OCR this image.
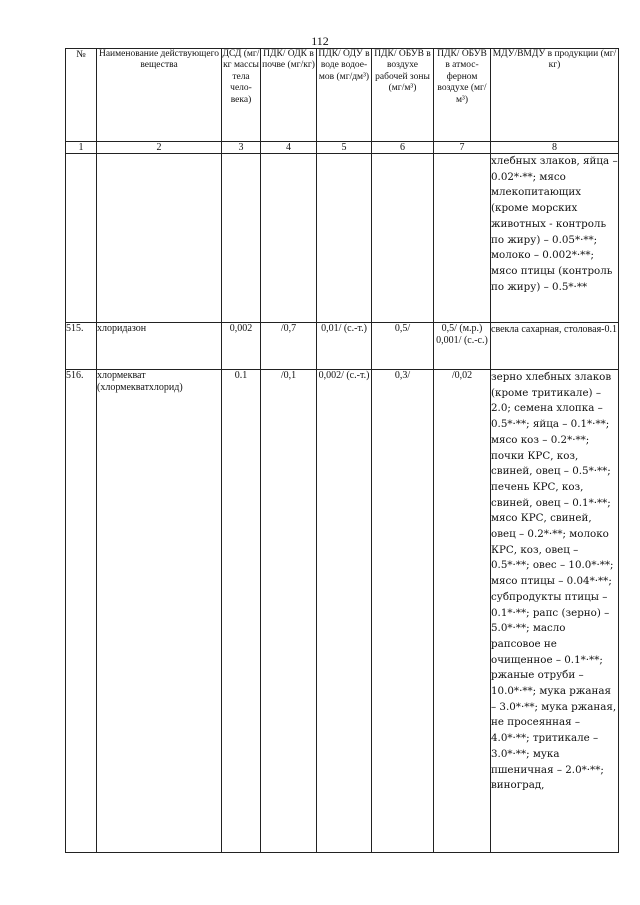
112
№	Наименование действующего вещества	ДСД (мг/кг массы тела чело-века)	ПДК/ ОДК в почве (мг/кг)	ПДК/ ОДУ в воде водое-мов (мг/дм³)	ПДК/ ОБУВ в воздухе рабочей зоны (мг/м³)	ПДК/ ОБУВ в атмос-ферном воздухе (мг/м³)	МДУ/ВМДУ в продукции (мг/кг)
1	2	3	4	5	6	7	8
							хлебных злаков, яйца – 0.02*·**; мясо млекопитающих (кроме морских животных - контроль по жиру) – 0.05*·**; молоко – 0.002*·**; мясо птицы (контроль по жиру) – 0.5*·**
515.	хлоридазон	0,002	/0,7	0,01/ (с.-т.)	0,5/	0,5/ (м.р.) 0,001/ (с.-с.)	свекла сахарная, столовая-0.1
516.	хлормекват (хлормекватхлорид)	0.1	/0,1	0,002/ (с.-т.)	0,3/	/0,02	зерно хлебных злаков (кроме тритикале) – 2.0; семена хлопка – 0.5*·**; яйца – 0.1*·**; мясо коз – 0.2*·**; почки КРС, коз, свиней, овец – 0.5*·**; печень КРС, коз, свиней, овец – 0.1*·**; мясо КРС, свиней, овец – 0.2*·**; молоко КРС, коз, овец – 0.5*·**; овес – 10.0*·**; мясо птицы – 0.04*·**; субпродукты птицы – 0.1*·**; рапс (зерно) – 5.0*·**; масло рапсовое не очищенное – 0.1*·**; ржаные отруби – 10.0*·**; мука ржаная – 3.0*·**; мука ржаная, не просеянная – 4.0*·**; тритикале – 3.0*·**; мука пшеничная – 2.0*·**; виноград,
